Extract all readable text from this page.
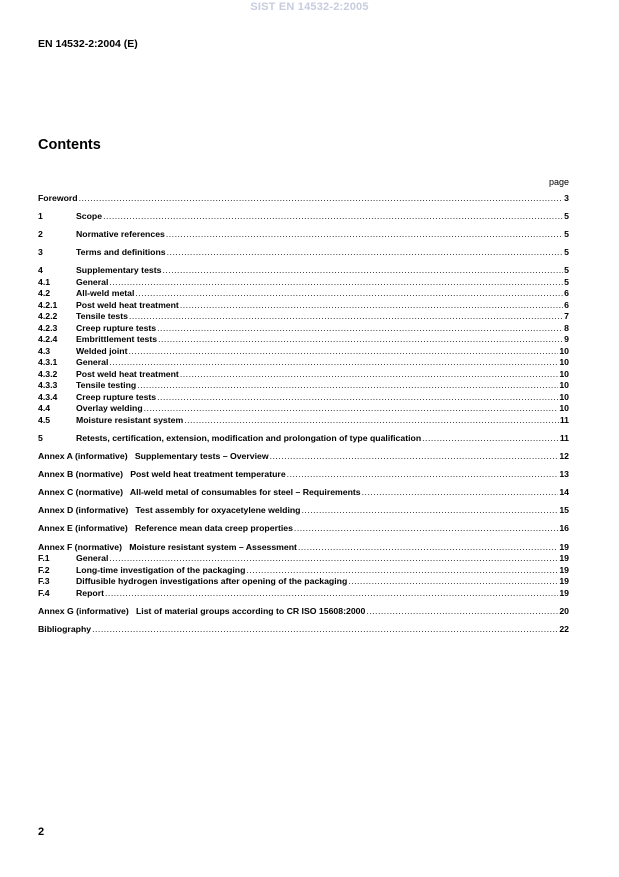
SIST EN 14532-2:2005
EN 14532-2:2004 (E)
Contents
page
Foreword .....	3
1	Scope .....	5
2	Normative references .....	5
3	Terms and definitions .....	5
4	Supplementary tests .....	5
4.1	General .....	5
4.2	All-weld metal .....	6
4.2.1	Post weld heat treatment .....	6
4.2.2	Tensile tests .....	7
4.2.3	Creep rupture tests .....	8
4.2.4	Embrittlement tests .....	9
4.3	Welded joint .....	10
4.3.1	General .....	10
4.3.2	Post weld heat treatment .....	10
4.3.3	Tensile testing .....	10
4.3.4	Creep rupture tests .....	10
4.4	Overlay welding .....	10
4.5	Moisture resistant system .....	11
5	Retests, certification, extension, modification and prolongation of type qualification .....	11
Annex A (informative)   Supplementary tests – Overview .....	12
Annex B (normative)   Post weld heat treatment temperature .....	13
Annex C (normative)   All-weld metal of consumables for steel – Requirements .....	14
Annex D (informative)   Test assembly for oxyacetylene welding .....	15
Annex E (informative)   Reference mean data creep properties .....	16
Annex F (normative)   Moisture resistant system – Assessment .....	19
F.1	General .....	19
F.2	Long-time investigation of the packaging .....	19
F.3	Diffusible hydrogen investigations after opening of the packaging .....	19
F.4	Report .....	19
Annex G (informative)   List of material groups according to CR ISO 15608:2000 .....	20
Bibliography .....	22
2
